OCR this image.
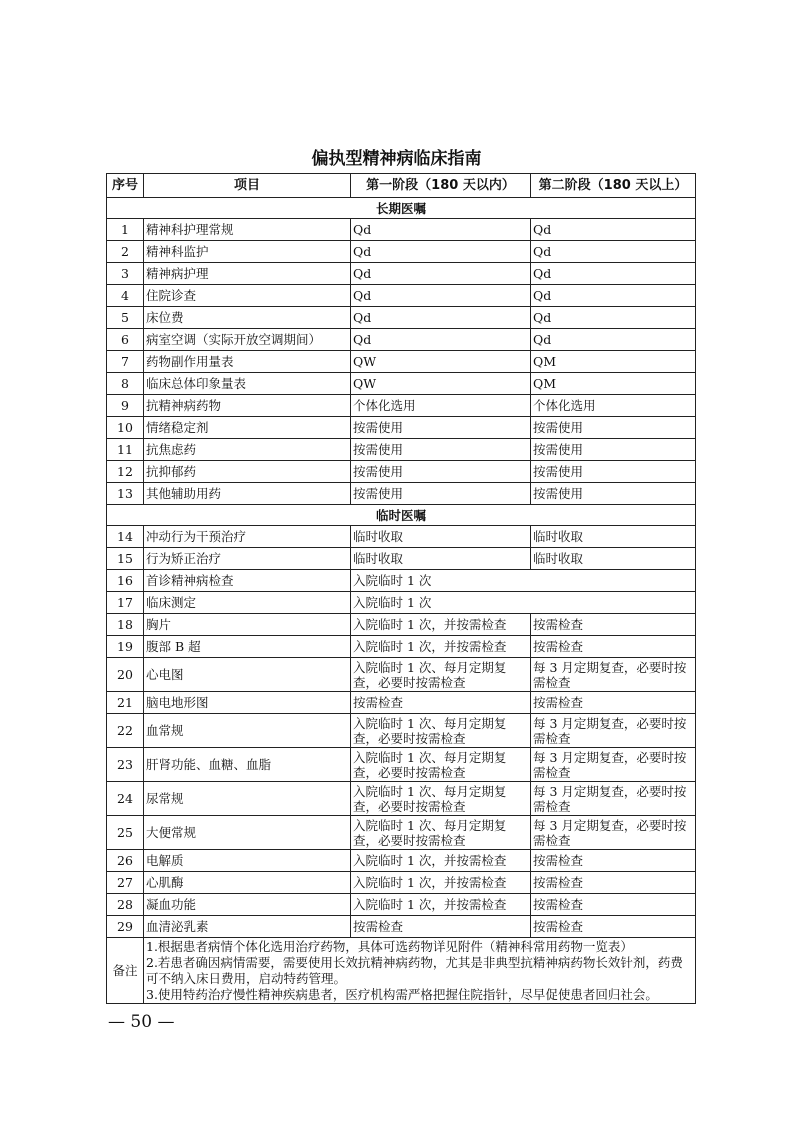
偏执型精神病临床指南
序号	项目	第一阶段（180 天以内）	第二阶段（180 天以上）
长期医嘱			
1	精神科护理常规	Qd	Qd
2	精神科监护	Qd	Qd
3	精神病护理	Qd	Qd
4	住院诊查	Qd	Qd
5	床位费	Qd	Qd
6	病室空调（实际开放空调期间）	Qd	Qd
7	药物副作用量表	QW	QM
8	临床总体印象量表	QW	QM
9	抗精神病药物	个体化选用	个体化选用
10	情绪稳定剂	按需使用	按需使用
11	抗焦虑药	按需使用	按需使用
12	抗抑郁药	按需使用	按需使用
13	其他辅助用药	按需使用	按需使用
临时医嘱			
14	冲动行为干预治疗	临时收取	临时收取
15	行为矫正治疗	临时收取	临时收取
16	首诊精神病检查	入院临时 1 次	
17	临床测定	入院临时 1 次	
18	胸片	入院临时 1 次，并按需检查	按需检查
19	腹部 B 超	入院临时 1 次，并按需检查	按需检查
20	心电图	入院临时 1 次、每月定期复查，必要时按需检查	每 3 月定期复查，必要时按需检查
21	脑电地形图	按需检查	按需检查
22	血常规	入院临时 1 次、每月定期复查，必要时按需检查	每 3 月定期复查，必要时按需检查
23	肝肾功能、血糖、血脂	入院临时 1 次、每月定期复查，必要时按需检查	每 3 月定期复查，必要时按需检查
24	尿常规	入院临时 1 次、每月定期复查，必要时按需检查	每 3 月定期复查，必要时按需检查
25	大便常规	入院临时 1 次、每月定期复查，必要时按需检查	每 3 月定期复查，必要时按需检查
26	电解质	入院临时 1 次，并按需检查	按需检查
27	心肌酶	入院临时 1 次，并按需检查	按需检查
28	凝血功能	入院临时 1 次，并按需检查	按需检查
29	血清泌乳素	按需检查	按需检查
备注	1.根据患者病情个体化选用治疗药物，具体可选药物详见附件（精神科常用药物一览表）
2.若患者确因病情需要，需要使用长效抗精神病药物，尤其是非典型抗精神病药物长效针剂，药费可不纳入床日费用，启动特药管理。
3.使用特药治疗慢性精神疾病患者，医疗机构需严格把握住院指针，尽早促使患者回归社会。		
— 50 —
